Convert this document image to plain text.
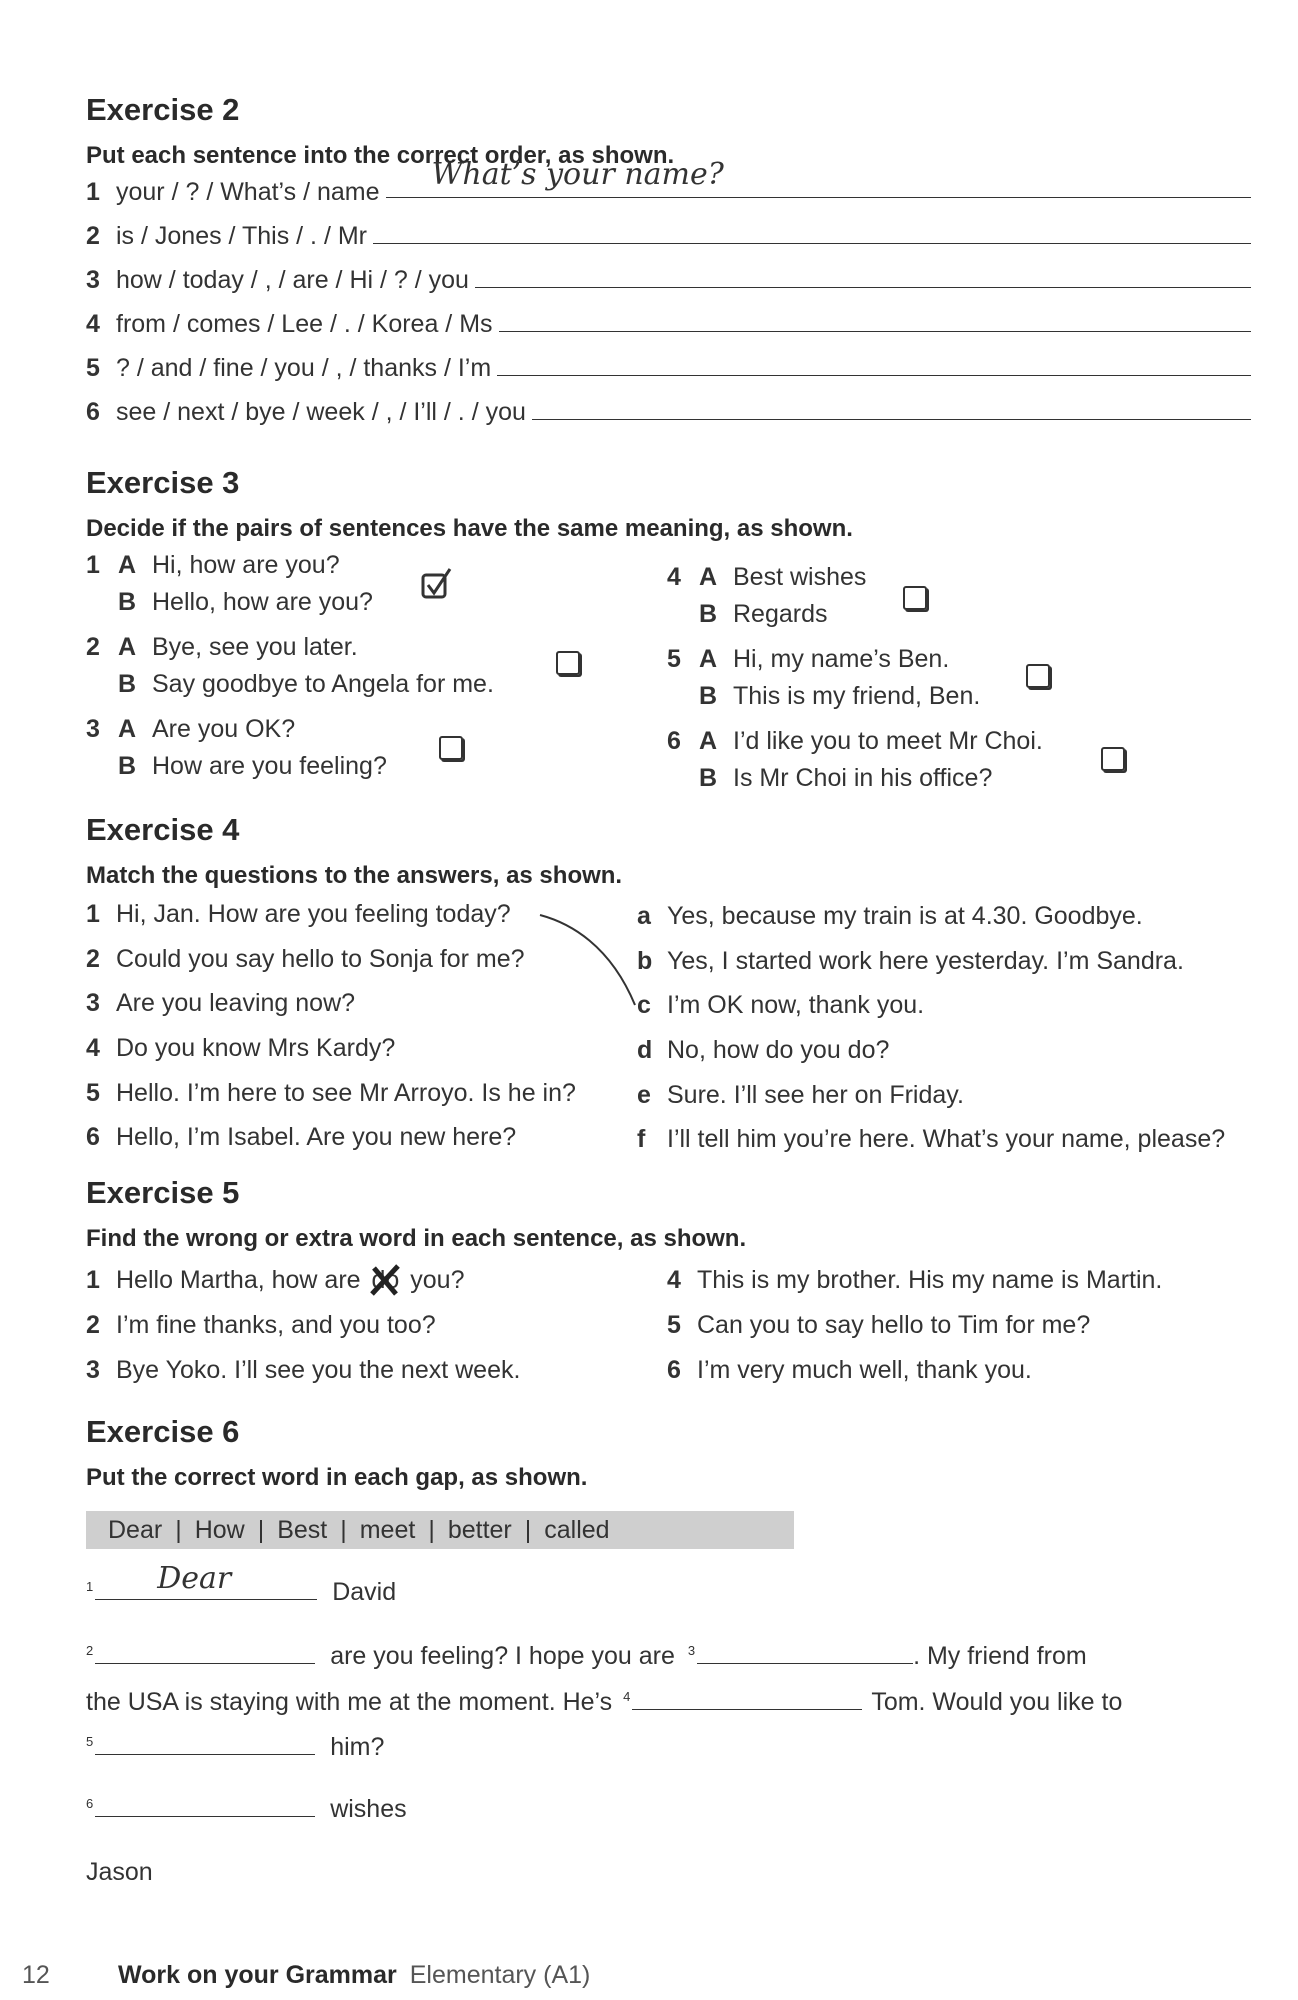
Exercise 2
Put each sentence into the correct order, as shown.
1 your / ? / What’s / name What’s your name?
2 is / Jones / This / . / Mr
3 how / today / , / are / Hi / ? / you
4 from / comes / Lee / . / Korea / Ms
5 ? / and / fine / you / , / thanks / I’m
6 see / next / bye / week / , / I’ll / . / you
Exercise 3
Decide if the pairs of sentences have the same meaning, as shown.
1 A Hi, how are you?
B Hello, how are you?
2 A Bye, see you later.
B Say goodbye to Angela for me.
3 A Are you OK?
B How are you feeling?
4 A Best wishes
B Regards
5 A Hi, my name’s Ben.
B This is my friend, Ben.
6 A I’d like you to meet Mr Choi.
B Is Mr Choi in his office?
Exercise 4
Match the questions to the answers, as shown.
1 Hi, Jan. How are you feeling today?
2 Could you say hello to Sonja for me?
3 Are you leaving now?
4 Do you know Mrs Kardy?
5 Hello. I’m here to see Mr Arroyo. Is he in?
6 Hello, I’m Isabel. Are you new here?
a Yes, because my train is at 4.30. Goodbye.
b Yes, I started work here yesterday. I’m Sandra.
c I’m OK now, thank you.
d No, how do you do?
e Sure. I’ll see her on Friday.
f I’ll tell him you’re here. What’s your name, please?
Exercise 5
Find the wrong or extra word in each sentence, as shown.
1 Hello Martha, how are do you?
2 I’m fine thanks, and you too?
3 Bye Yoko. I’ll see you the next week.
4 This is my brother. His my name is Martin.
5 Can you to say hello to Tim for me?
6 I’m very much well, thank you.
Exercise 6
Put the correct word in each gap, as shown.
Dear | How | Best | meet | better | called
$^1$ Dear	David
$^2$	are you feeling? I hope you are $^3$	. My friend from
the USA is staying with me at the moment. He’s $^4$	Tom. Would you like to
$^5$	him?
$^6$	wishes
Jason
12	Work on your Grammar Elementary (A1)
